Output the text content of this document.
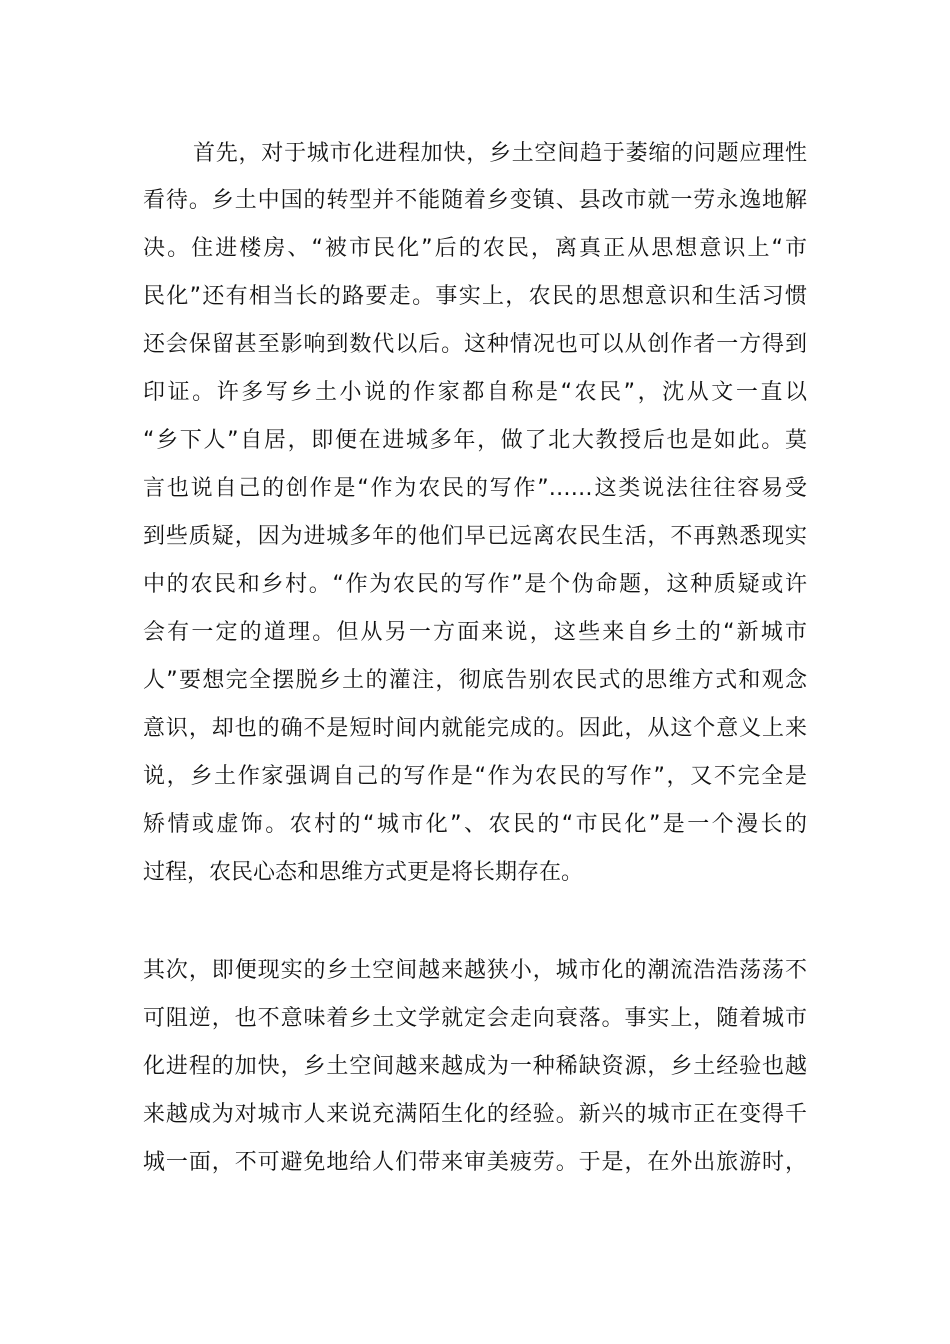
首先，对于城市化进程加快，乡土空间趋于萎缩的问题应理性
看待。乡土中国的转型并不能随着乡变镇、县改市就一劳永逸地解
决。住进楼房、“被市民化”后的农民，离真正从思想意识上“市
民化”还有相当长的路要走。事实上，农民的思想意识和生活习惯
还会保留甚至影响到数代以后。这种情况也可以从创作者一方得到
印证。许多写乡土小说的作家都自称是“农民”，沈从文一直以
“乡下人”自居，即便在进城多年，做了北大教授后也是如此。莫
言也说自己的创作是“作为农民的写作”……这类说法往往容易受
到些质疑，因为进城多年的他们早已远离农民生活，不再熟悉现实
中的农民和乡村。“作为农民的写作”是个伪命题，这种质疑或许
会有一定的道理。但从另一方面来说，这些来自乡土的“新城市
人”要想完全摆脱乡土的灌注，彻底告别农民式的思维方式和观念
意识，却也的确不是短时间内就能完成的。因此，从这个意义上来
说，乡土作家强调自己的写作是“作为农民的写作”，又不完全是
矫情或虚饰。农村的“城市化”、农民的“市民化”是一个漫长的
过程，农民心态和思维方式更是将长期存在。
其次，即便现实的乡土空间越来越狭小，城市化的潮流浩浩荡荡不
可阻逆，也不意味着乡土文学就定会走向衰落。事实上，随着城市
化进程的加快，乡土空间越来越成为一种稀缺资源，乡土经验也越
来越成为对城市人来说充满陌生化的经验。新兴的城市正在变得千
城一面，不可避免地给人们带来审美疲劳。于是，在外出旅游时，
